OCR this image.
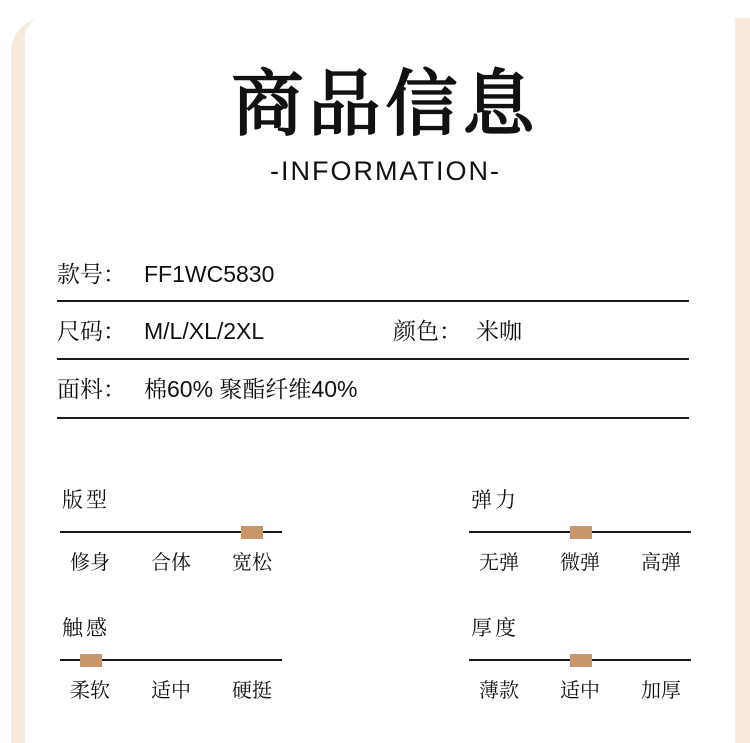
商品信息
-INFORMATION-
款号： FF1WC5830
尺码： M/L/XL/2XL	颜色： 米咖
面料： 棉60% 聚酯纤维40%
版型
修身 合体 宽松
弹力
无弹 微弹 高弹
触感
柔软 适中 硬挺
厚度
薄款 适中 加厚
